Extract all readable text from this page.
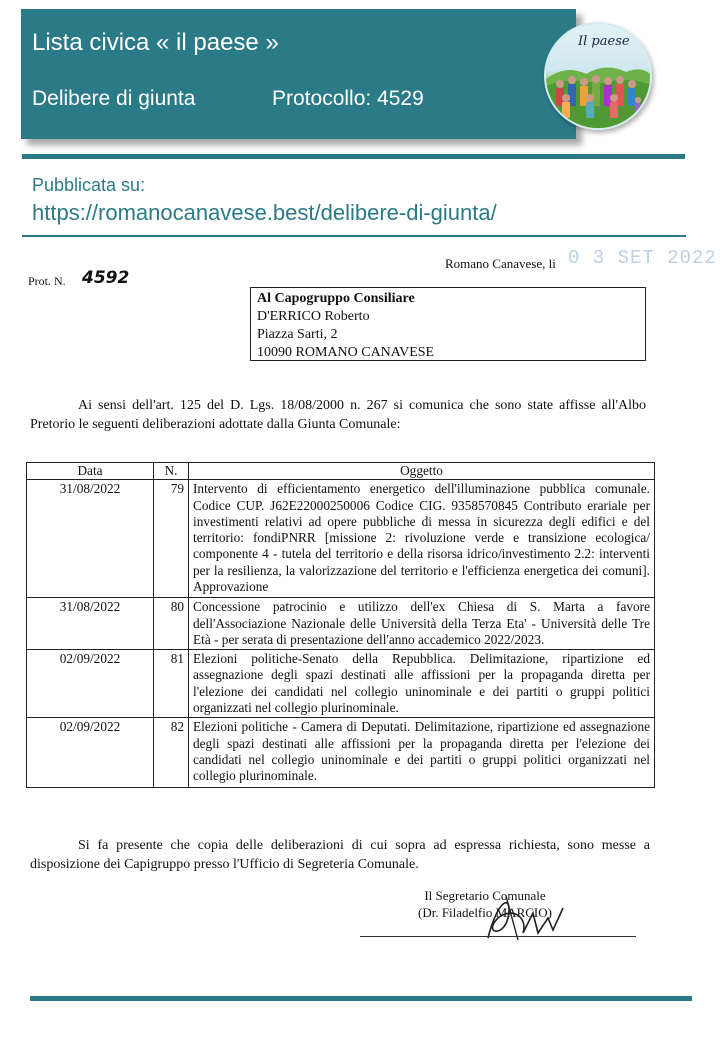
Lista civica « il paese »
Delibere di giunta	Protocollo: 4529
Il paese
Pubblicata su:
https://romanocanavese.best/delibere-di-giunta/
Romano Canavese, li 0 3 SET 2022
Prot. N. 4592
Al Capogruppo Consiliare
D'ERRICO Roberto
Piazza Sarti, 2
10090 ROMANO CANAVESE
Ai sensi dell'art. 125 del D. Lgs. 18/08/2000 n. 267 si comunica che sono state affisse all'Albo Pretorio le seguenti deliberazioni adottate dalla Giunta Comunale:
Data	N.	Oggetto
31/08/2022	79	Intervento di efficientamento energetico dell'illuminazione pubblica comunale. Codice CUP. J62E22000250006 Codice CIG. 9358570845 Contributo erariale per investimenti relativi ad opere pubbliche di messa in sicurezza degli edifici e del territorio: fondiPNRR [missione 2: rivoluzione verde e transizione ecologica/ componente 4 - tutela del territorio e della risorsa idrico/investimento 2.2: interventi per la resilienza, la valorizzazione del territorio e l'efficienza energetica dei comuni]. Approvazione
31/08/2022	80	Concessione patrocinio e utilizzo dell'ex Chiesa di S. Marta a favore dell'Associazione Nazionale delle Università della Terza Eta' - Università delle Tre Età - per serata di presentazione dell'anno accademico 2022/2023.
02/09/2022	81	Elezioni politiche-Senato della Repubblica. Delimitazione, ripartizione ed assegnazione degli spazi destinati alle affissioni per la propaganda diretta per l'elezione dei candidati nel collegio uninominale e dei partiti o gruppi politici organizzati nel collegio plurinominale.
02/09/2022	82	Elezioni politiche - Camera di Deputati. Delimitazione, ripartizione ed assegnazione degli spazi destinati alle affissioni per la propaganda diretta per l'elezione dei candidati nel collegio uninominale e dei partiti o gruppi politici organizzati nel collegio plurinominale.
Si fa presente che copia delle deliberazioni di cui sopra ad espressa richiesta, sono messe a disposizione dei Capigruppo presso l'Ufficio di Segreteria Comunale.
Il Segretario Comunale
(Dr. Filadelfio MARCIO)
